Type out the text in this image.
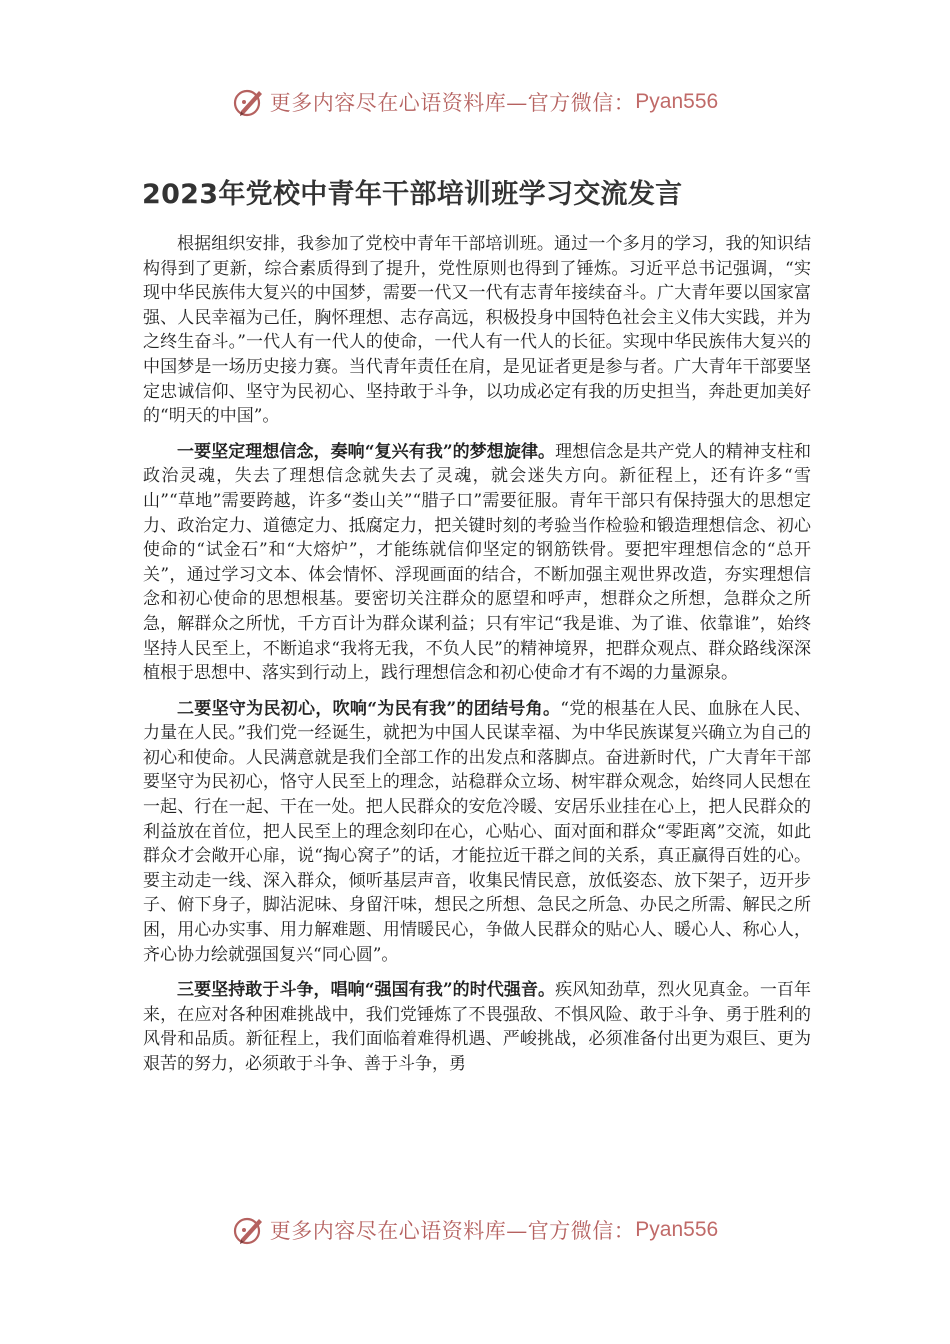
更多内容尽在心语资料库—官方微信： Pyan556
2023年党校中青年干部培训班学习交流发言

根据组织安排，我参加了党校中青年干部培训班。通过一个多月的学习，我的知识结构得到了更新，综合素质得到了提升，党性原则也得到了锤炼。习近平总书记强调，“实现中华民族伟大复兴的中国梦，需要一代又一代有志青年接续奋斗。广大青年要以国家富强、人民幸福为己任，胸怀理想、志存高远，积极投身中国特色社会主义伟大实践，并为之终生奋斗。”一代人有一代人的使命，一代人有一代人的长征。实现中华民族伟大复兴的中国梦是一场历史接力赛。当代青年责任在肩，是见证者更是参与者。广大青年干部要坚定忠诚信仰、坚守为民初心、坚持敢于斗争，以功成必定有我的历史担当，奔赴更加美好的“明天的中国”。

一要坚定理想信念，奏响“复兴有我”的梦想旋律。理想信念是共产党人的精神支柱和政治灵魂，失去了理想信念就失去了灵魂，就会迷失方向。新征程上，还有许多“雪山”“草地”需要跨越，许多“娄山关”“腊子口”需要征服。青年干部只有保持强大的思想定力、政治定力、道德定力、抵腐定力，把关键时刻的考验当作检验和锻造理想信念、初心使命的“试金石”和“大熔炉”，才能练就信仰坚定的钢筋铁骨。要把牢理想信念的“总开关”，通过学习文本、体会情怀、浮现画面的结合，不断加强主观世界改造，夯实理想信念和初心使命的思想根基。要密切关注群众的愿望和呼声，想群众之所想，急群众之所急，解群众之所忧，千方百计为群众谋利益；只有牢记“我是谁、为了谁、依靠谁”，始终坚持人民至上，不断追求“我将无我，不负人民”的精神境界，把群众观点、群众路线深深植根于思想中、落实到行动上，践行理想信念和初心使命才有不竭的力量源泉。

二要坚守为民初心，吹响“为民有我”的团结号角。“党的根基在人民、血脉在人民、力量在人民。”我们党一经诞生，就把为中国人民谋幸福、为中华民族谋复兴确立为自己的初心和使命。人民满意就是我们全部工作的出发点和落脚点。奋进新时代，广大青年干部要坚守为民初心，恪守人民至上的理念，站稳群众立场、树牢群众观念，始终同人民想在一起、行在一起、干在一处。把人民群众的安危冷暖、安居乐业挂在心上，把人民群众的利益放在首位，把人民至上的理念刻印在心，心贴心、面对面和群众“零距离”交流，如此群众才会敞开心扉，说“掏心窝子”的话，才能拉近干群之间的关系，真正赢得百姓的心。要主动走一线、深入群众，倾听基层声音，收集民情民意，放低姿态、放下架子，迈开步子、俯下身子，脚沾泥味、身留汗味，想民之所想、急民之所急、办民之所需、解民之所困，用心办实事、用力解难题、用情暖民心，争做人民群众的贴心人、暖心人、称心人，齐心协力绘就强国复兴“同心圆”。

三要坚持敢于斗争，唱响“强国有我”的时代强音。疾风知劲草，烈火见真金。一百年来，在应对各种困难挑战中，我们党锤炼了不畏强敌、不惧风险、敢于斗争、勇于胜利的风骨和品质。新征程上，我们面临着难得机遇、严峻挑战，必须准备付出更为艰巨、更为艰苦的努力，必须敢于斗争、善于斗争，勇

更多内容尽在心语资料库—官方微信： Pyan556
